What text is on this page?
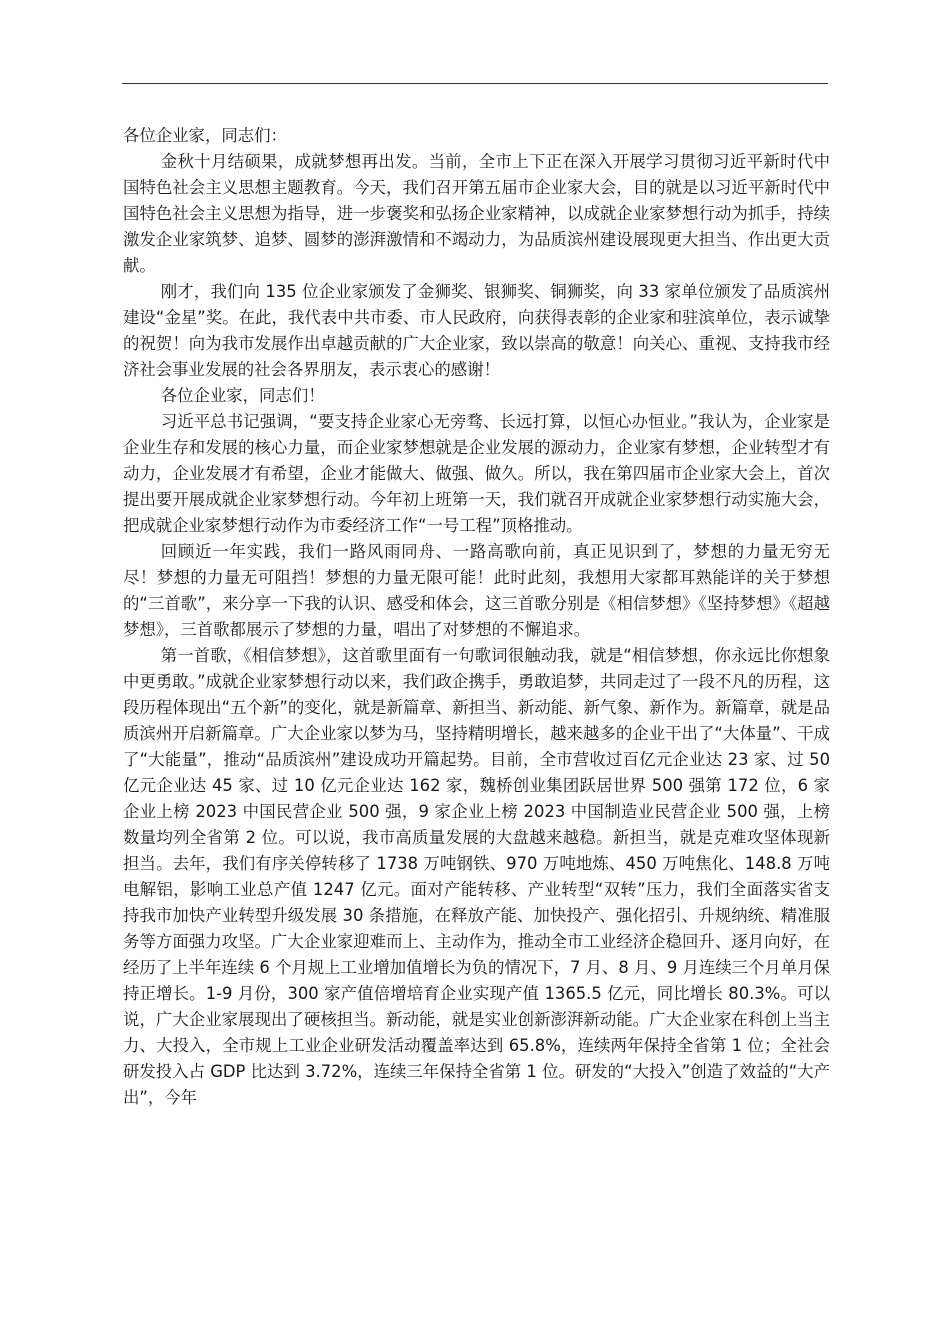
各位企业家，同志们：

金秋十月结硕果，成就梦想再出发。当前，全市上下正在深入开展学习贯彻习近平新时代中国特色社会主义思想主题教育。今天，我们召开第五届市企业家大会，目的就是以习近平新时代中国特色社会主义思想为指导，进一步褒奖和弘扬企业家精神，以成就企业家梦想行动为抓手，持续激发企业家筑梦、追梦、圆梦的澎湃激情和不竭动力，为品质滨州建设展现更大担当、作出更大贡献。

刚才，我们向 135 位企业家颁发了金狮奖、银狮奖、铜狮奖，向 33 家单位颁发了品质滨州建设“金星”奖。在此，我代表中共市委、市人民政府，向获得表彰的企业家和驻滨单位，表示诚挚的祝贺！向为我市发展作出卓越贡献的广大企业家，致以崇高的敬意！向关心、重视、支持我市经济社会事业发展的社会各界朋友，表示衷心的感谢！

各位企业家，同志们！

习近平总书记强调，“要支持企业家心无旁骛、长远打算，以恒心办恒业。”我认为，企业家是企业生存和发展的核心力量，而企业家梦想就是企业发展的源动力，企业家有梦想，企业转型才有动力，企业发展才有希望，企业才能做大、做强、做久。所以，我在第四届市企业家大会上，首次提出要开展成就企业家梦想行动。今年初上班第一天，我们就召开成就企业家梦想行动实施大会，把成就企业家梦想行动作为市委经济工作“一号工程”顶格推动。

回顾近一年实践，我们一路风雨同舟、一路高歌向前，真正见识到了，梦想的力量无穷无尽！梦想的力量无可阻挡！梦想的力量无限可能！此时此刻，我想用大家都耳熟能详的关于梦想的“三首歌”，来分享一下我的认识、感受和体会，这三首歌分别是《相信梦想》《坚持梦想》《超越梦想》，三首歌都展示了梦想的力量，唱出了对梦想的不懈追求。

第一首歌，《相信梦想》，这首歌里面有一句歌词很触动我，就是“相信梦想，你永远比你想象中更勇敢。”成就企业家梦想行动以来，我们政企携手，勇敢追梦，共同走过了一段不凡的历程，这段历程体现出“五个新”的变化，就是新篇章、新担当、新动能、新气象、新作为。新篇章，就是品质滨州开启新篇章。广大企业家以梦为马，坚持精明增长，越来越多的企业干出了“大体量”、干成了“大能量”，推动“品质滨州”建设成功开篇起势。目前，全市营收过百亿元企业达 23 家、过 50 亿元企业达 45 家、过 10 亿元企业达 162 家，魏桥创业集团跃居世界 500 强第 172 位，6 家企业上榜 2023 中国民营企业 500 强，9 家企业上榜 2023 中国制造业民营企业 500 强，上榜数量均列全省第 2 位。可以说，我市高质量发展的大盘越来越稳。新担当，就是克难攻坚体现新担当。去年，我们有序关停转移了 1738 万吨钢铁、970 万吨地炼、450 万吨焦化、148.8 万吨电解铝，影响工业总产值 1247 亿元。面对产能转移、产业转型“双转”压力，我们全面落实省支持我市加快产业转型升级发展 30 条措施，在释放产能、加快投产、强化招引、升规纳统、精准服务等方面强力攻坚。广大企业家迎难而上、主动作为，推动全市工业经济企稳回升、逐月向好，在经历了上半年连续 6 个月规上工业增加值增长为负的情况下，7 月、8 月、9 月连续三个月单月保持正增长。1-9 月份，300 家产值倍增培育企业实现产值 1365.5 亿元，同比增长 80.3%。可以说，广大企业家展现出了硬核担当。新动能，就是实业创新澎湃新动能。广大企业家在科创上当主力、大投入，全市规上工业企业研发活动覆盖率达到 65.8%，连续两年保持全省第 1 位；全社会研发投入占 GDP 比达到 3.72%，连续三年保持全省第 1 位。研发的“大投入”创造了效益的“大产出”，今年
